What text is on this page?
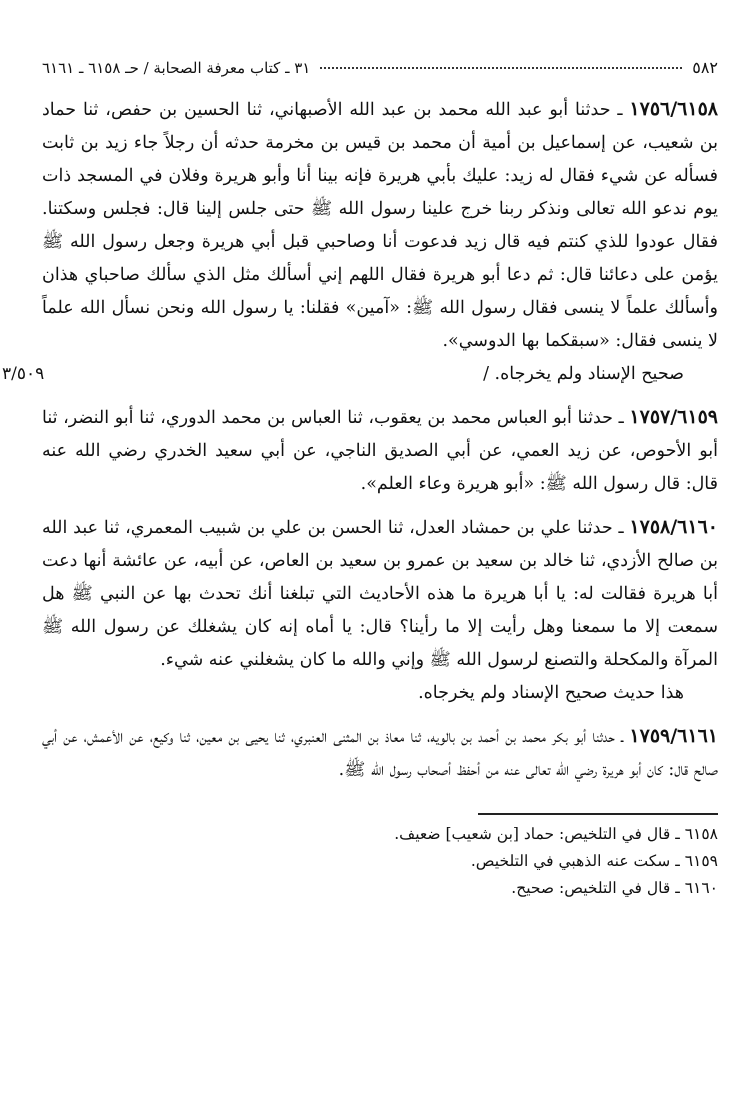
٥٨٢
٣١ ـ كتاب معرفة الصحابة / حـ ٦١٥٨ ـ ٦١٦١
١٧٥٦/٦١٥٨ ـ حدثنا أبو عبد الله محمد بن عبد الله الأصبهاني، ثنا الحسين بن حفص، ثنا حماد بن شعيب، عن إسماعيل بن أمية أن محمد بن قيس بن مخرمة حدثه أن رجلاً جاء زيد بن ثابت فسأله عن شيء فقال له زيد: عليك بأبي هريرة فإنه بينا أنا وأبو هريرة وفلان في المسجد ذات يوم ندعو الله تعالى ونذكر ربنا خرج علينا رسول الله ﷺ حتى جلس إلينا قال: فجلس وسكتنا. فقال عودوا للذي كنتم فيه قال زيد فدعوت أنا وصاحبي قبل أبي هريرة وجعل رسول الله ﷺ يؤمن على دعائنا قال: ثم دعا أبو هريرة فقال اللهم إني أسألك مثل الذي سألك صاحباي هذان وأسألك علماً لا ينسى فقال رسول الله ﷺ: «آمين» فقلنا: يا رسول الله ونحن نسأل الله علماً لا ينسى فقال: «سبقكما بها الدوسي».
صحيح الإسناد ولم يخرجاه. /
٣/٥٠٩
١٧٥٧/٦١٥٩ ـ حدثنا أبو العباس محمد بن يعقوب، ثنا العباس بن محمد الدوري، ثنا أبو النضر، ثنا أبو الأحوص، عن زيد العمي، عن أبي الصديق الناجي، عن أبي سعيد الخدري رضي الله عنه قال: قال رسول الله ﷺ: «أبو هريرة وعاء العلم».
١٧٥٨/٦١٦٠ ـ حدثنا علي بن حمشاد العدل، ثنا الحسن بن علي بن شبيب المعمري، ثنا عبد الله بن صالح الأزدي، ثنا خالد بن سعيد بن عمرو بن سعيد بن العاص، عن أبيه، عن عائشة أنها دعت أبا هريرة فقالت له: يا أبا هريرة ما هذه الأحاديث التي تبلغنا أنك تحدث بها عن النبي ﷺ هل سمعت إلا ما سمعنا وهل رأيت إلا ما رأينا؟ قال: يا أماه إنه كان يشغلك عن رسول الله ﷺ المرآة والمكحلة والتصنع لرسول الله ﷺ وإني والله ما كان يشغلني عنه شيء.
هذا حديث صحيح الإسناد ولم يخرجاه.
١٧٥٩/٦١٦١ ـ حدثنا أبو بكر محمد بن أحمد بن بالويه، ثنا معاذ بن المثنى العنبري، ثنا يحيى بن معين، ثنا وكيع، عن الأعمش، عن أبي صالح قال: كان أبو هريرة رضي الله تعالى عنه من أحفظ أصحاب رسول الله ﷺ.
٦١٥٨ ـ قال في التلخيص: حماد [بن شعيب] ضعيف.
٦١٥٩ ـ سكت عنه الذهبي في التلخيص.
٦١٦٠ ـ قال في التلخيص: صحيح.
